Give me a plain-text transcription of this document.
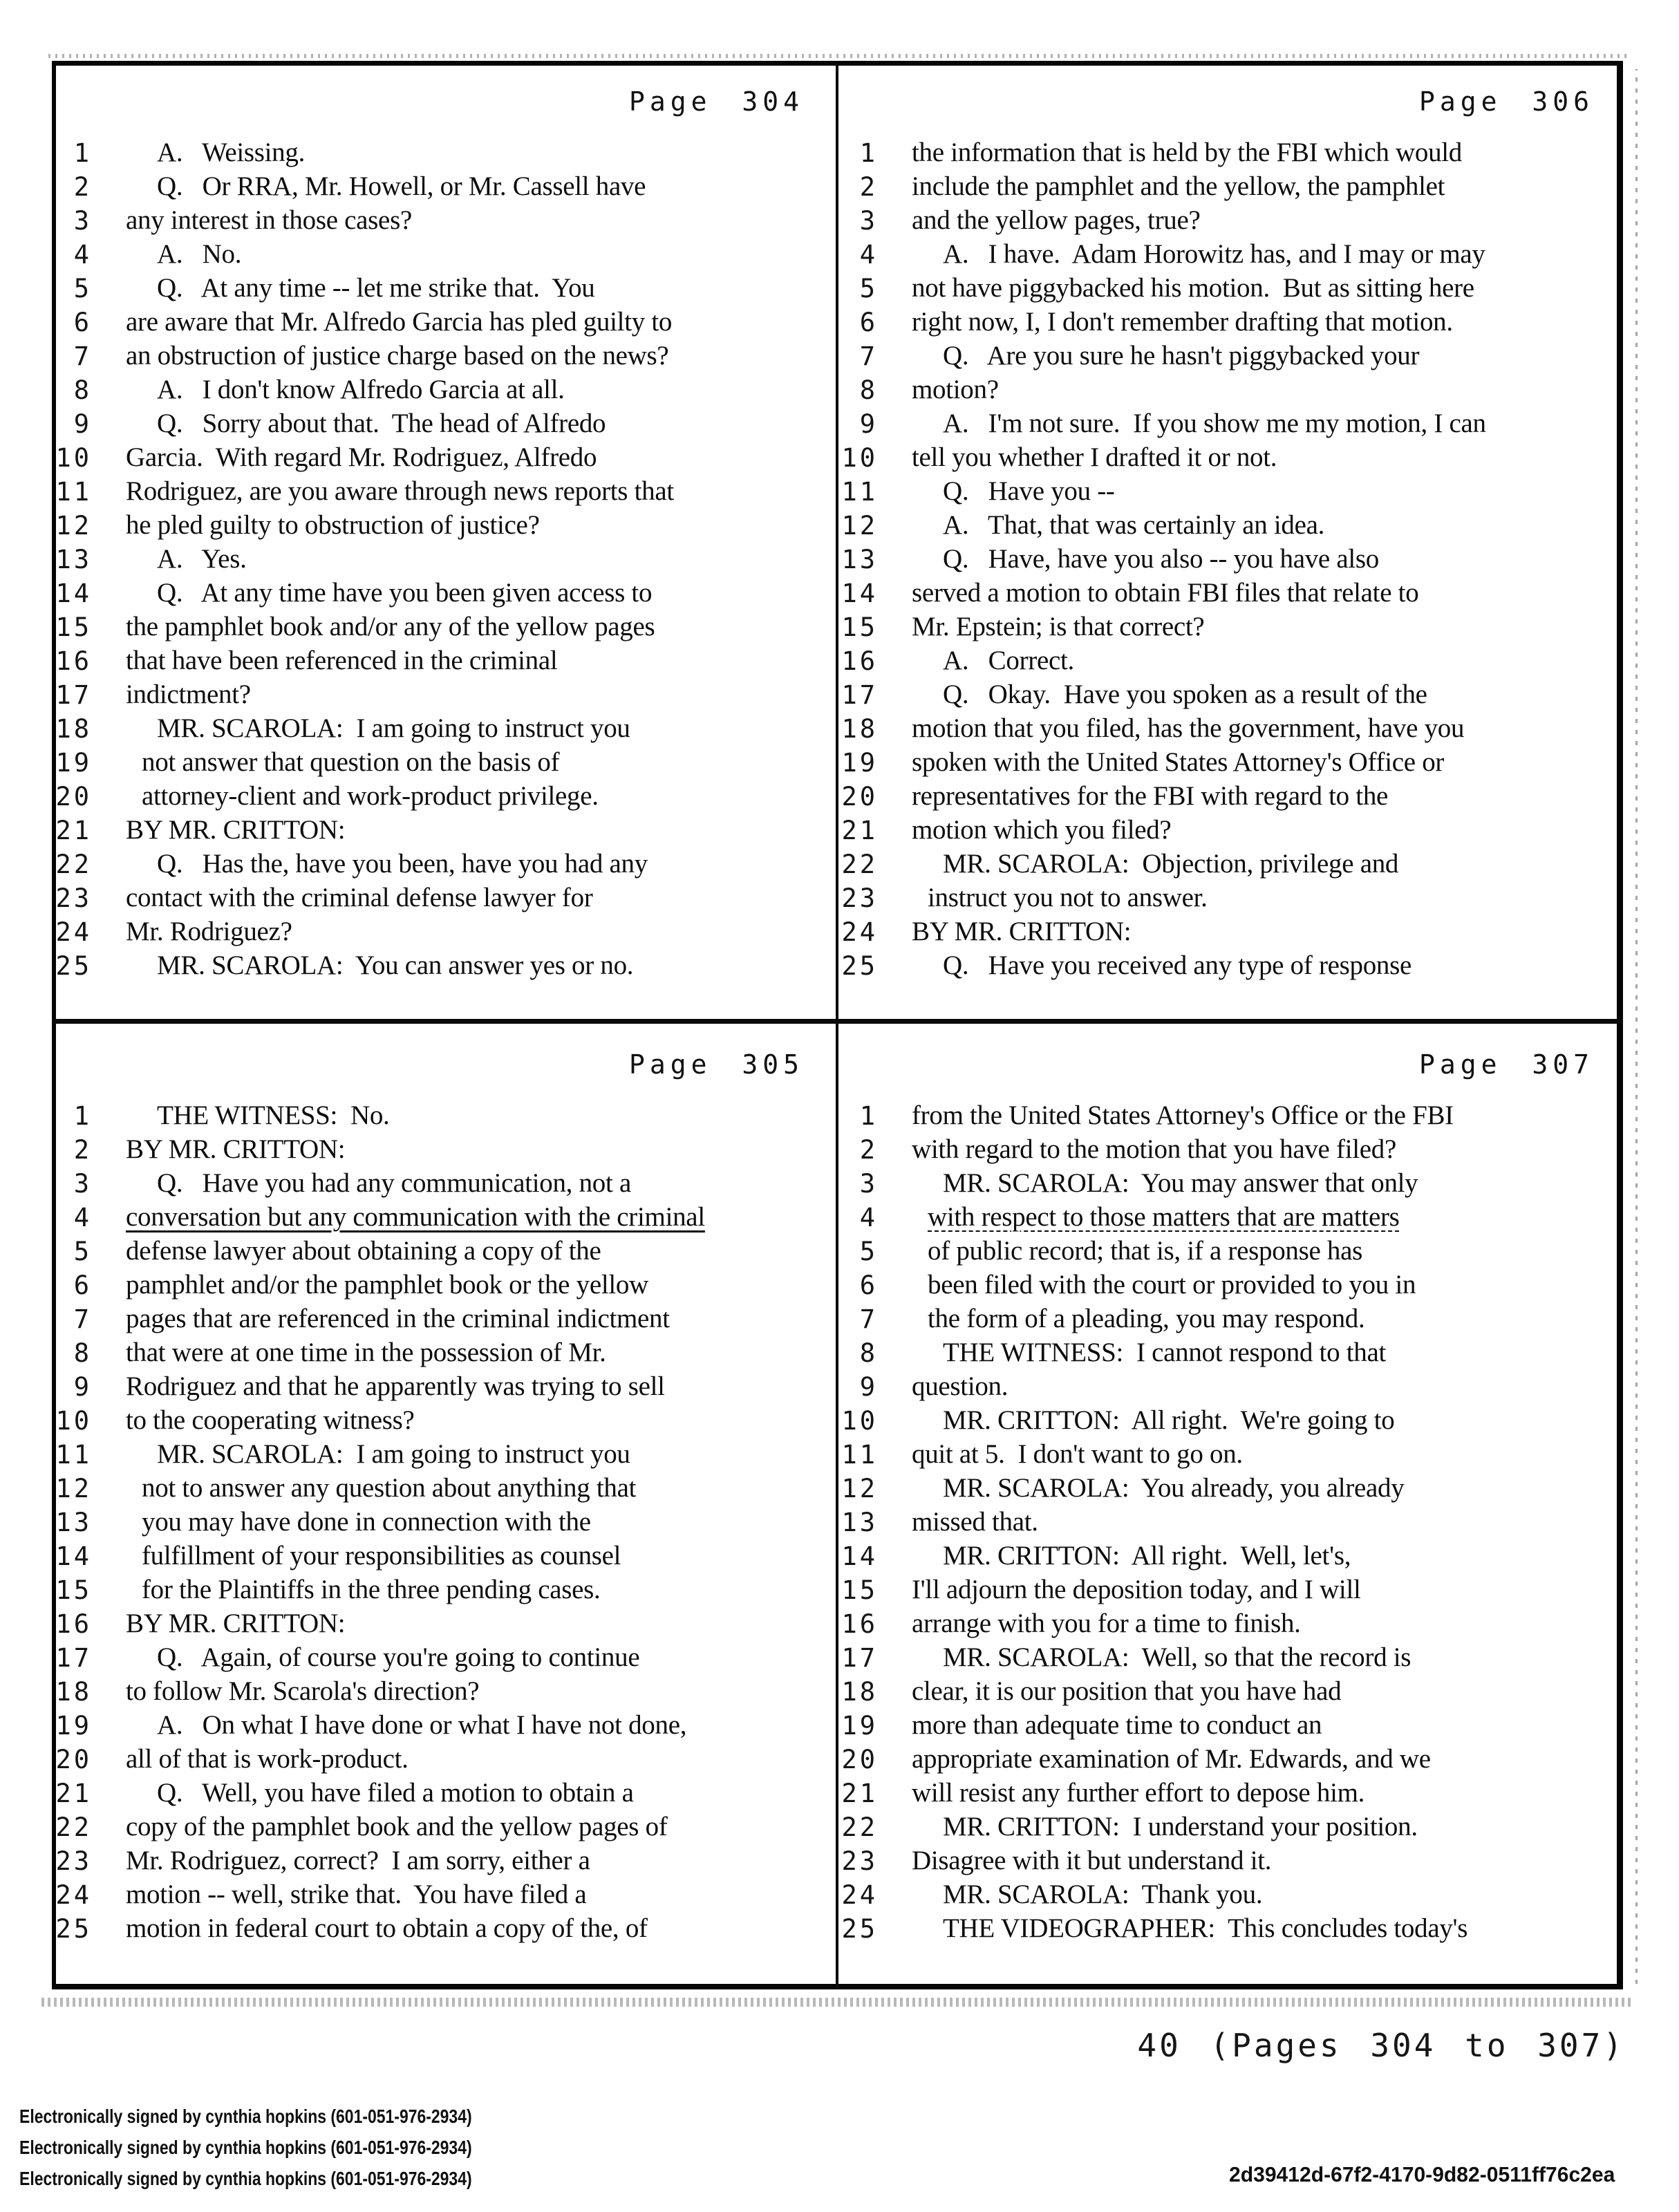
Page 304
1 A.   Weissing.
2 Q.   Or RRA, Mr. Howell, or Mr. Cassell have
3 any interest in those cases?
4 A.   No.
5 Q.   At any time -- let me strike that.  You
6 are aware that Mr. Alfredo Garcia has pled guilty to
7 an obstruction of justice charge based on the news?
8 A.   I don't know Alfredo Garcia at all.
9 Q.   Sorry about that.  The head of Alfredo
10 Garcia.  With regard Mr. Rodriguez, Alfredo
11 Rodriguez, are you aware through news reports that
12 he pled guilty to obstruction of justice?
13 A.   Yes.
14 Q.   At any time have you been given access to
15 the pamphlet book and/or any of the yellow pages
16 that have been referenced in the criminal
17 indictment?
18 MR. SCAROLA:  I am going to instruct you
19 not answer that question on the basis of
20 attorney-client and work-product privilege.
21 BY MR. CRITTON:
22 Q.   Has the, have you been, have you had any
23 contact with the criminal defense lawyer for
24 Mr. Rodriguez?
25 MR. SCAROLA:  You can answer yes or no.
Page 306
1 the information that is held by the FBI which would
2 include the pamphlet and the yellow, the pamphlet
3 and the yellow pages, true?
4 A.   I have.  Adam Horowitz has, and I may or may
5 not have piggybacked his motion.  But as sitting here
6 right now, I, I don't remember drafting that motion.
7 Q.   Are you sure he hasn't piggybacked your
8 motion?
9 A.   I'm not sure.  If you show me my motion, I can
10 tell you whether I drafted it or not.
11 Q.   Have you --
12 A.   That, that was certainly an idea.
13 Q.   Have, have you also -- you have also
14 served a motion to obtain FBI files that relate to
15 Mr. Epstein; is that correct?
16 A.   Correct.
17 Q.   Okay.  Have you spoken as a result of the
18 motion that you filed, has the government, have you
19 spoken with the United States Attorney's Office or
20 representatives for the FBI with regard to the
21 motion which you filed?
22 MR. SCAROLA:  Objection, privilege and
23 instruct you not to answer.
24 BY MR. CRITTON:
25 Q.   Have you received any type of response
Page 305
1 THE WITNESS:  No.
2 BY MR. CRITTON:
3 Q.   Have you had any communication, not a
4 conversation but any communication with the criminal
5 defense lawyer about obtaining a copy of the
6 pamphlet and/or the pamphlet book or the yellow
7 pages that are referenced in the criminal indictment
8 that were at one time in the possession of Mr.
9 Rodriguez and that he apparently was trying to sell
10 to the cooperating witness?
11 MR. SCAROLA:  I am going to instruct you
12 not to answer any question about anything that
13 you may have done in connection with the
14 fulfillment of your responsibilities as counsel
15 for the Plaintiffs in the three pending cases.
16 BY MR. CRITTON:
17 Q.   Again, of course you're going to continue
18 to follow Mr. Scarola's direction?
19 A.   On what I have done or what I have not done,
20 all of that is work-product.
21 Q.   Well, you have filed a motion to obtain a
22 copy of the pamphlet book and the yellow pages of
23 Mr. Rodriguez, correct?  I am sorry, either a
24 motion -- well, strike that.  You have filed a
25 motion in federal court to obtain a copy of the, of
Page 307
1 from the United States Attorney's Office or the FBI
2 with regard to the motion that you have filed?
3 MR. SCAROLA:  You may answer that only
4 with respect to those matters that are matters
5 of public record; that is, if a response has
6 been filed with the court or provided to you in
7 the form of a pleading, you may respond.
8 THE WITNESS:  I cannot respond to that
9 question.
10 MR. CRITTON:  All right.  We're going to
11 quit at 5.  I don't want to go on.
12 MR. SCAROLA:  You already, you already
13 missed that.
14 MR. CRITTON:  All right.  Well, let's,
15 I'll adjourn the deposition today, and I will
16 arrange with you for a time to finish.
17 MR. SCAROLA:  Well, so that the record is
18 clear, it is our position that you have had
19 more than adequate time to conduct an
20 appropriate examination of Mr. Edwards, and we
21 will resist any further effort to depose him.
22 MR. CRITTON:  I understand your position.
23 Disagree with it but understand it.
24 MR. SCAROLA:  Thank you.
25 THE VIDEOGRAPHER:  This concludes today's
40 (Pages 304 to 307)
Electronically signed by cynthia hopkins (601-051-976-2934)
Electronically signed by cynthia hopkins (601-051-976-2934)
Electronically signed by cynthia hopkins (601-051-976-2934)	2d39412d-67f2-4170-9d82-0511ff76c2ea
